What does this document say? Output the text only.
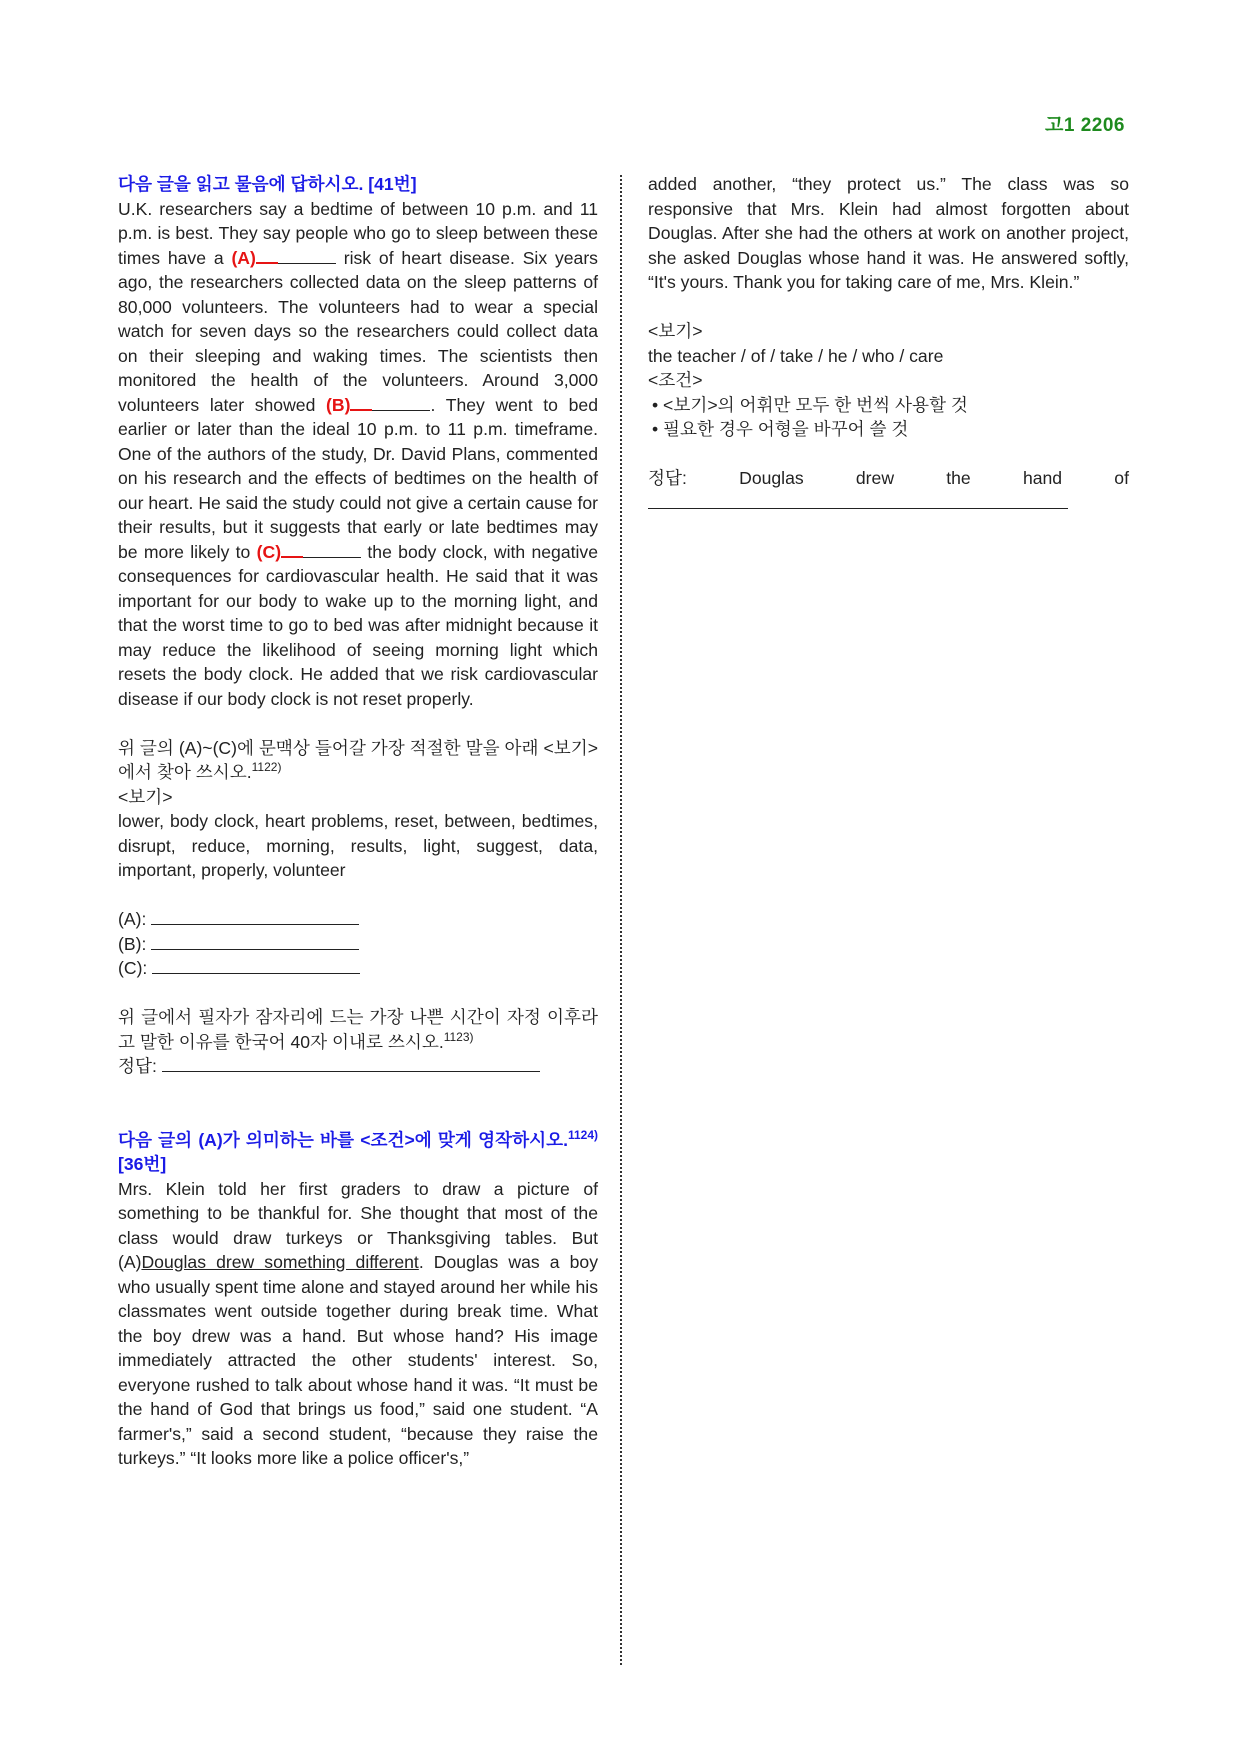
고1 2206
다음 글을 읽고 물음에 답하시오. [41번]
U.K. researchers say a bedtime of between 10 p.m. and 11 p.m. is best. They say people who go to sleep between these times have a (A)	risk of heart disease. Six years ago, the researchers collected data on the sleep patterns of 80,000 volunteers. The volunteers had to wear a special watch for seven days so the researchers could collect data on their sleeping and waking times. The scientists then monitored the health of the volunteers. Around 3,000 volunteers later showed (B)	. They went to bed earlier or later than the ideal 10 p.m. to 11 p.m. timeframe. One of the authors of the study, Dr. David Plans, commented on his research and the effects of bedtimes on the health of our heart. He said the study could not give a certain cause for their results, but it suggests that early or late bedtimes may be more likely to (C)	the body clock, with negative consequences for cardiovascular health. He said that it was important for our body to wake up to the morning light, and that the worst time to go to bed was after midnight because it may reduce the likelihood of seeing morning light which resets the body clock. He added that we risk cardiovascular disease if our body clock is not reset properly.
위 글의 (A)~(C)에 문맥상 들어갈 가장 적절한 말을 아래 <보기>에서 찾아 쓰시오.$^{1122)}$
<보기>
lower, body clock, heart problems, reset, between, bedtimes, disrupt, reduce, morning, results, light, suggest, data, important, properly, volunteer
(A):
(B):
(C):
위 글에서 필자가 잠자리에 드는 가장 나쁜 시간이 자정 이후라고 말한 이유를 한국어 40자 이내로 쓰시오.$^{1123)}$
정답:
다음 글의 (A)가 의미하는 바를 <조건>에 맞게 영작하시오.$^{1124)}$ [36번]
Mrs. Klein told her first graders to draw a picture of something to be thankful for. She thought that most of the class would draw turkeys or Thanksgiving tables. But (A)Douglas drew something different. Douglas was a boy who usually spent time alone and stayed around her while his classmates went outside together during break time. What the boy drew was a hand. But whose hand? His image immediately attracted the other students' interest. So, everyone rushed to talk about whose hand it was. “It must be the hand of God that brings us food,” said one student. “A farmer's,” said a second student, “because they raise the turkeys.” “It looks more like a police officer's,”
added another, “they protect us.” The class was so responsive that Mrs. Klein had almost forgotten about Douglas. After she had the others at work on another project, she asked Douglas whose hand it was. He answered softly, “It's yours. Thank you for taking care of me, Mrs. Klein.”
<보기>
the teacher / of / take / he / who / care
<조건>
• <보기>의 어휘만 모두 한 번씩 사용할 것
• 필요한 경우 어형을 바꾸어 쓸 것
정답:	Douglas	drew	the	hand	of
